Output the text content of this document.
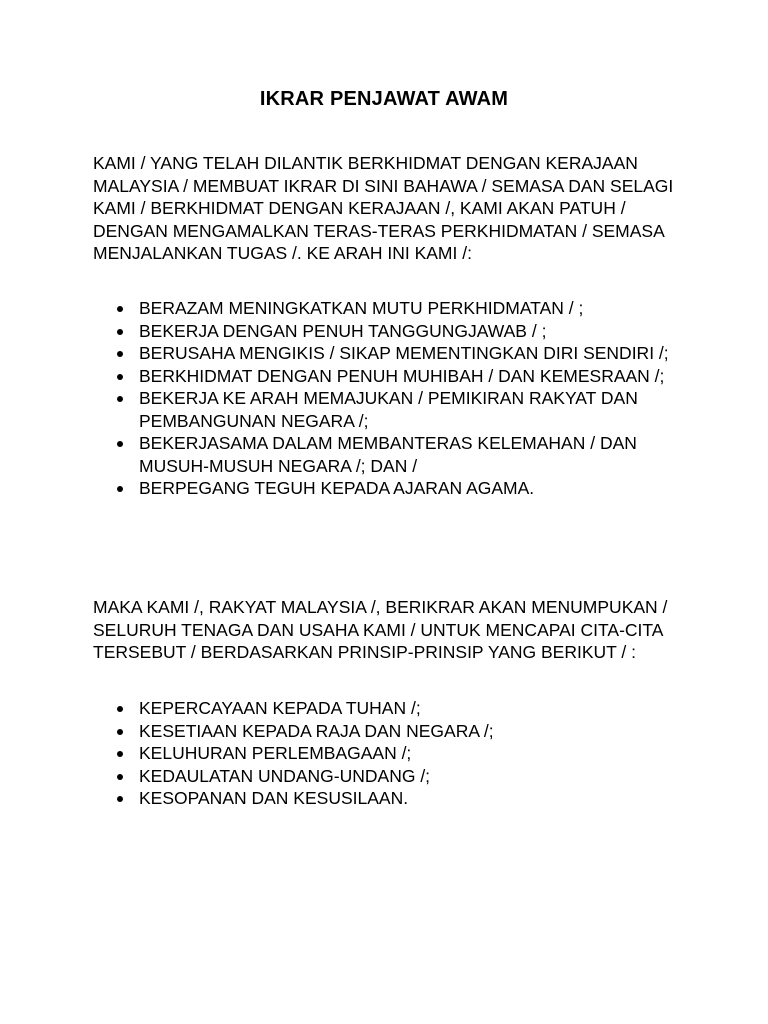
IKRAR PENJAWAT AWAM

KAMI / YANG TELAH DILANTIK BERKHIDMAT DENGAN KERAJAAN MALAYSIA / MEMBUAT IKRAR DI SINI BAHAWA / SEMASA DAN SELAGI KAMI / BERKHIDMAT DENGAN KERAJAAN /, KAMI AKAN PATUH / DENGAN MENGAMALKAN TERAS-TERAS PERKHIDMATAN / SEMASA MENJALANKAN TUGAS /. KE ARAH INI KAMI /:

BERAZAM MENINGKATKAN MUTU PERKHIDMATAN / ;
BEKERJA DENGAN PENUH TANGGUNGJAWAB / ;
BERUSAHA MENGIKIS / SIKAP MEMENTINGKAN DIRI SENDIRI /;
BERKHIDMAT DENGAN PENUH MUHIBAH / DAN KEMESRAAN /;
BEKERJA KE ARAH MEMAJUKAN / PEMIKIRAN RAKYAT DAN PEMBANGUNAN NEGARA /;
BEKERJASAMA DALAM MEMBANTERAS KELEMAHAN / DAN MUSUH-MUSUH NEGARA /; DAN /
BERPEGANG TEGUH KEPADA AJARAN AGAMA.

MAKA KAMI /, RAKYAT MALAYSIA /, BERIKRAR AKAN MENUMPUKAN / SELURUH TENAGA DAN USAHA KAMI / UNTUK MENCAPAI CITA-CITA TERSEBUT / BERDASARKAN PRINSIP-PRINSIP YANG BERIKUT / :

KEPERCAYAAN KEPADA TUHAN /;
KESETIAAN KEPADA RAJA DAN NEGARA /;
KELUHURAN PERLEMBAGAAN /;
KEDAULATAN UNDANG-UNDANG /;
KESOPANAN DAN KESUSILAAN.
